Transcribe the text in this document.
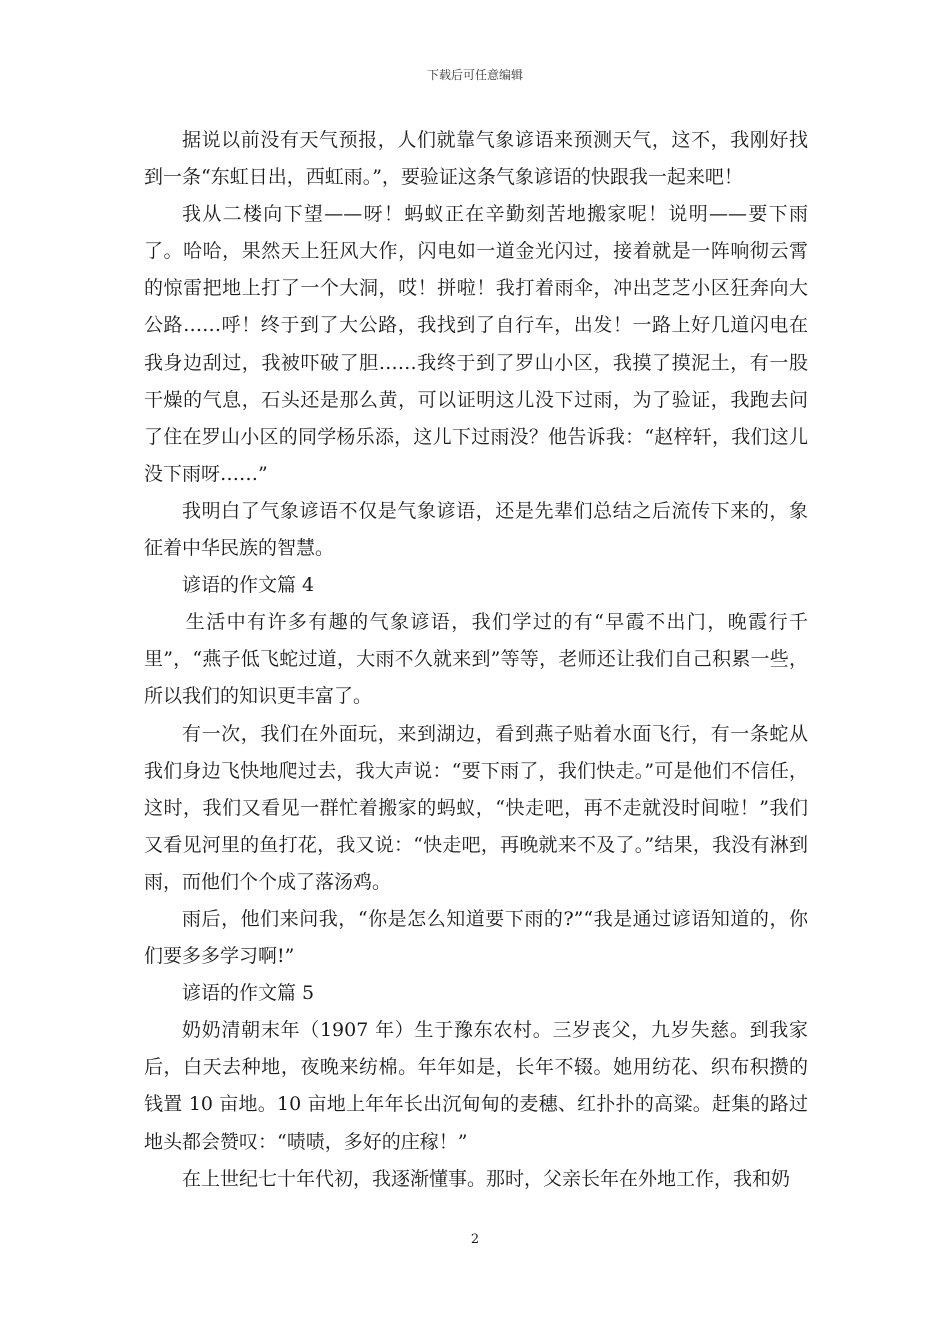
下载后可任意编辑

据说以前没有天气预报，人们就靠气象谚语来预测天气，这不，我刚好找到一条“东虹日出，西虹雨。”，要验证这条气象谚语的快跟我一起来吧！

我从二楼向下望——呀！蚂蚁正在辛勤刻苦地搬家呢！说明——要下雨了。哈哈，果然天上狂风大作，闪电如一道金光闪过，接着就是一阵响彻云霄的惊雷把地上打了一个大洞，哎！拼啦！我打着雨伞，冲出芝芝小区狂奔向大公路……呼！终于到了大公路，我找到了自行车，出发！一路上好几道闪电在我身边刮过，我被吓破了胆……我终于到了罗山小区，我摸了摸泥土，有一股干燥的气息，石头还是那么黄，可以证明这儿没下过雨，为了验证，我跑去问了住在罗山小区的同学杨乐添，这儿下过雨没？他告诉我：“赵梓轩，我们这儿没下雨呀……”

我明白了气象谚语不仅是气象谚语，还是先辈们总结之后流传下来的，象征着中华民族的智慧。

谚语的作文篇 4

生活中有许多有趣的气象谚语，我们学过的有“早霞不出门，晚霞行千里”，“燕子低飞蛇过道，大雨不久就来到”等等，老师还让我们自己积累一些，所以我们的知识更丰富了。

有一次，我们在外面玩，来到湖边，看到燕子贴着水面飞行，有一条蛇从我们身边飞快地爬过去，我大声说：“要下雨了，我们快走。”可是他们不信任，这时，我们又看见一群忙着搬家的蚂蚁，“快走吧，再不走就没时间啦！”我们又看见河里的鱼打花，我又说：“快走吧，再晚就来不及了。”结果，我没有淋到雨，而他们个个成了落汤鸡。

雨后，他们来问我，“你是怎么知道要下雨的?”“我是通过谚语知道的，你们要多多学习啊!”

谚语的作文篇 5

奶奶清朝末年（1907 年）生于豫东农村。三岁丧父，九岁失慈。到我家后，白天去种地，夜晚来纺棉。年年如是，长年不辍。她用纺花、织布积攒的钱置 10 亩地。10 亩地上年年长出沉甸甸的麦穗、红扑扑的高粱。赶集的路过地头都会赞叹：“啧啧，多好的庄稼！”

在上世纪七十年代初，我逐渐懂事。那时，父亲长年在外地工作，我和奶

2
